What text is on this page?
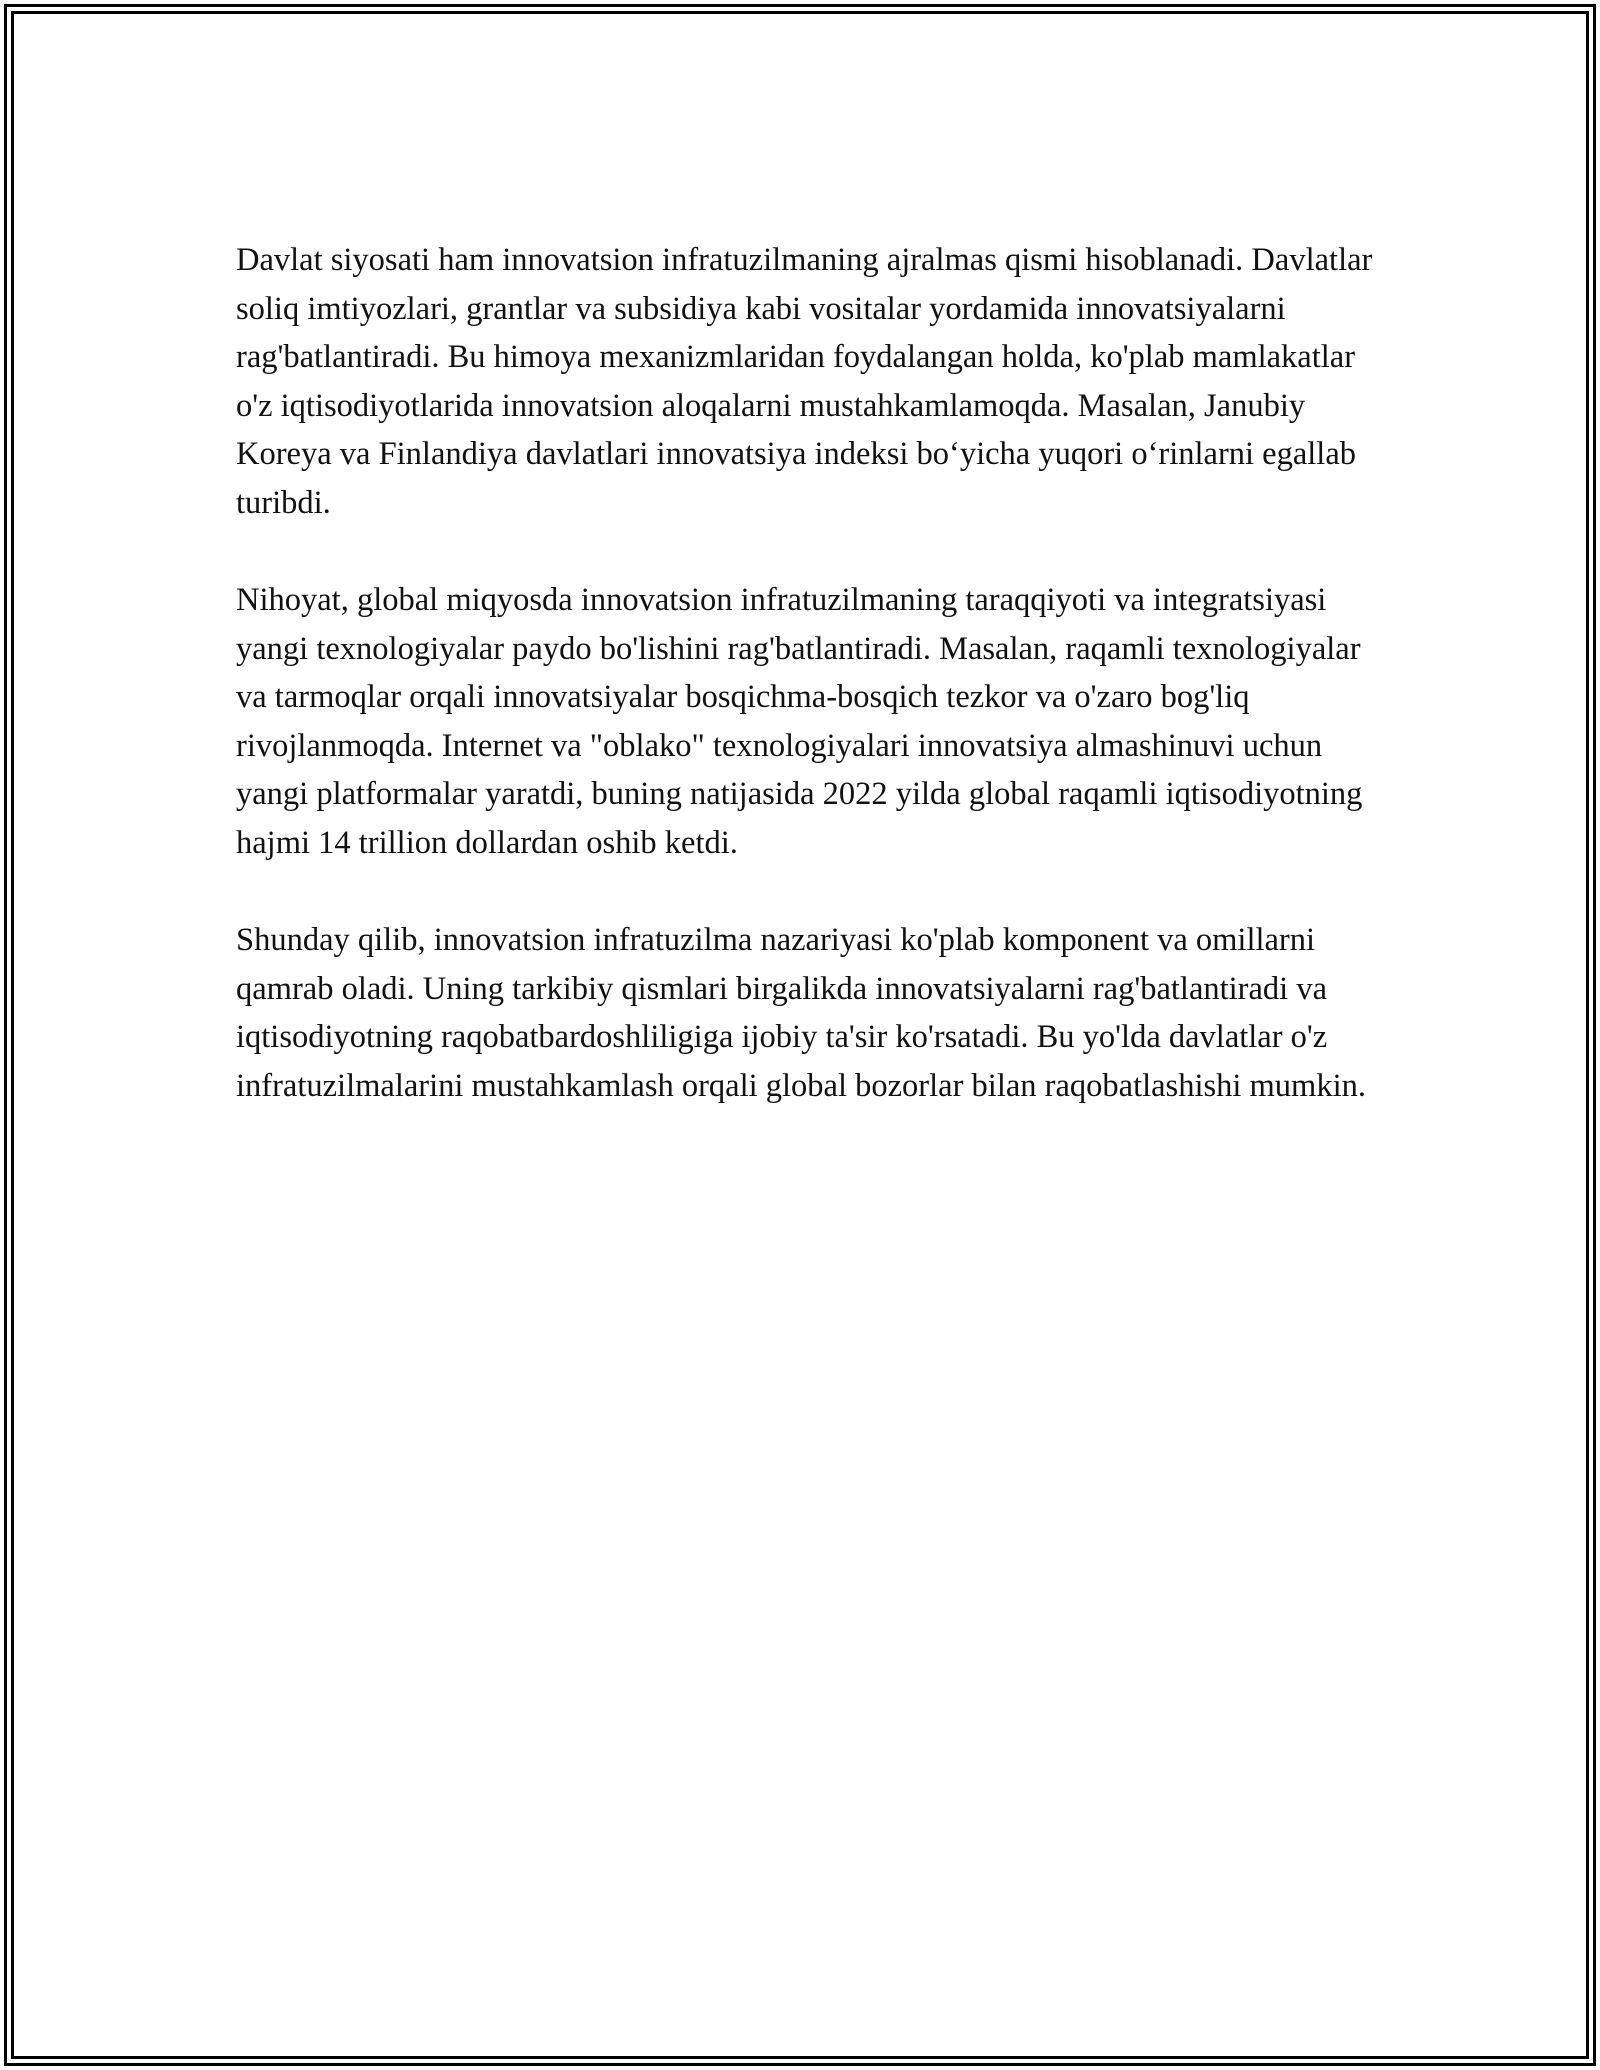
Davlat siyosati ham innovatsion infratuzilmaning ajralmas qismi hisoblanadi. Davlatlar soliq imtiyozlari, grantlar va subsidiya kabi vositalar yordamida innovatsiyalarni rag'batlantiradi. Bu himoya mexanizmlaridan foydalangan holda, ko'plab mamlakatlar o'z iqtisodiyotlarida innovatsion aloqalarni mustahkamlamoqda. Masalan, Janubiy Koreya va Finlandiya davlatlari innovatsiya indeksi bo‘yicha yuqori o‘rinlarni egallab turibdi.

Nihoyat, global miqyosda innovatsion infratuzilmaning taraqqiyoti va integratsiyasi yangi texnologiyalar paydo bo'lishini rag'batlantiradi. Masalan, raqamli texnologiyalar va tarmoqlar orqali innovatsiyalar bosqichma-bosqich tezkor va o'zaro bog'liq rivojlanmoqda. Internet va "oblako" texnologiyalari innovatsiya almashinuvi uchun yangi platformalar yaratdi, buning natijasida 2022 yilda global raqamli iqtisodiyotning hajmi 14 trillion dollardan oshib ketdi.

Shunday qilib, innovatsion infratuzilma nazariyasi ko'plab komponent va omillarni qamrab oladi. Uning tarkibiy qismlari birgalikda innovatsiyalarni rag'batlantiradi va iqtisodiyotning raqobatbardoshliligiga ijobiy ta'sir ko'rsatadi. Bu yo'lda davlatlar o'z infratuzilmalarini mustahkamlash orqali global bozorlar bilan raqobatlashishi mumkin.
